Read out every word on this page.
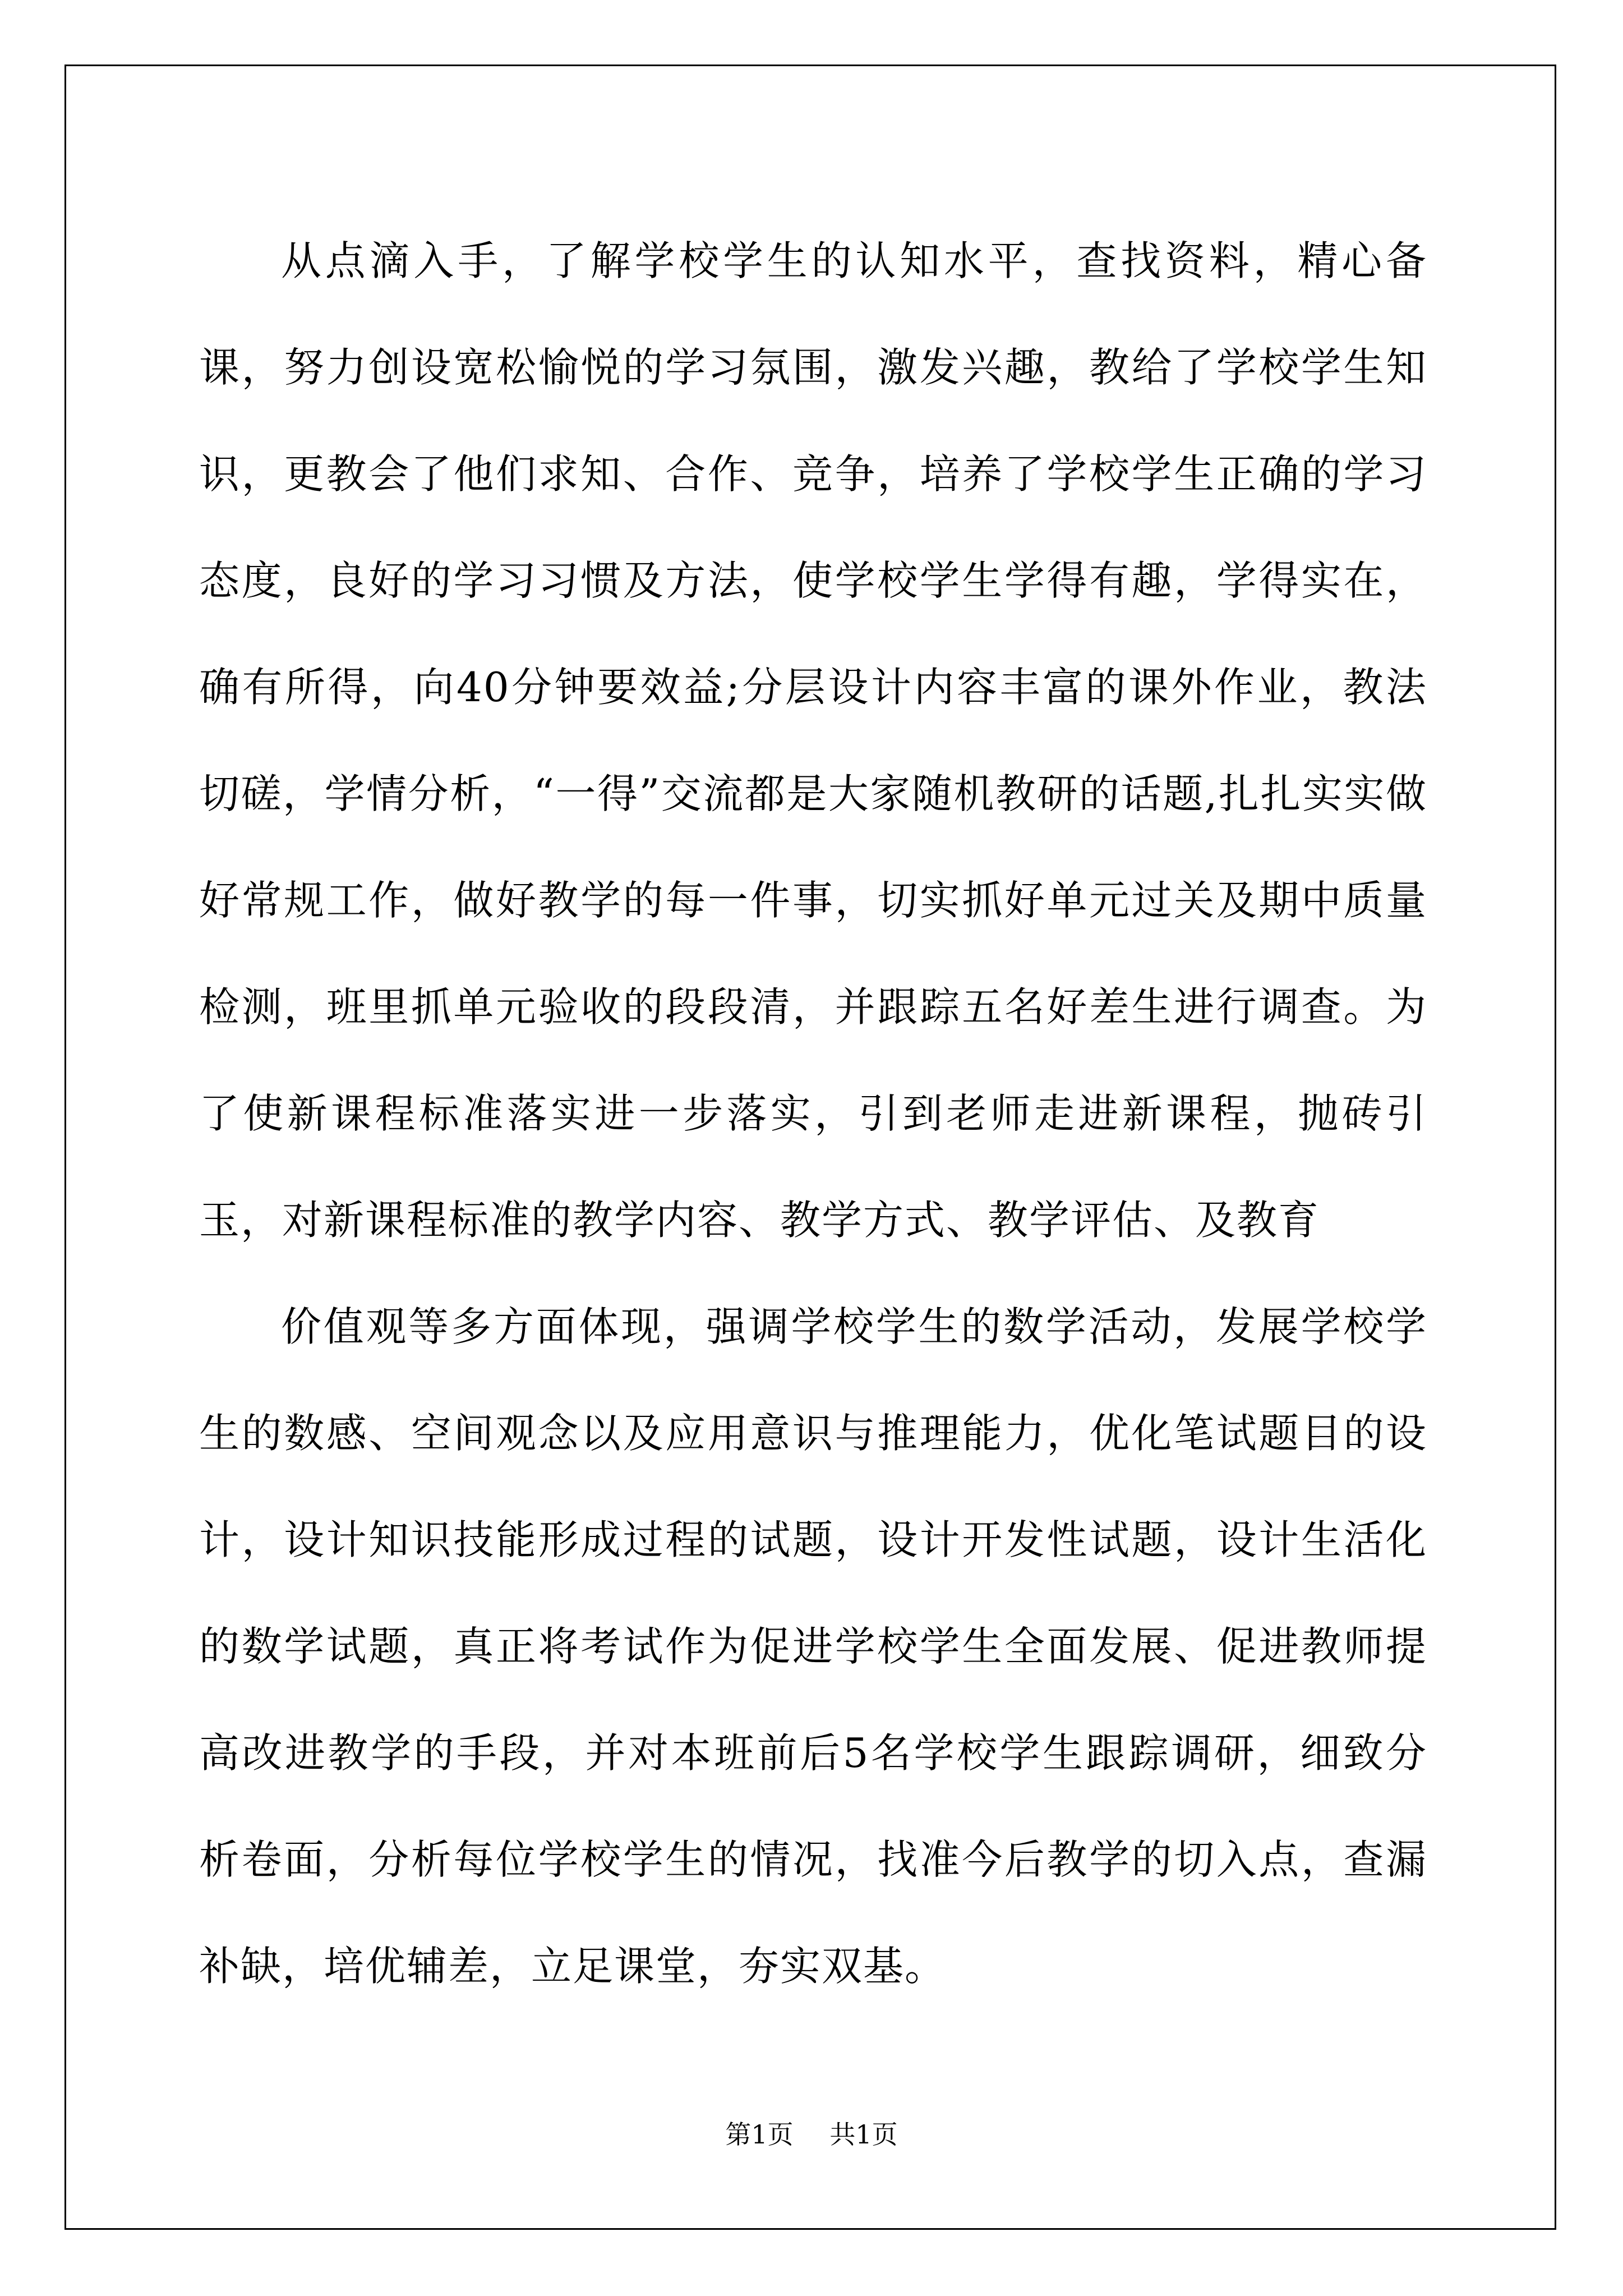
从点滴入手，了解学校学生的认知水平，查找资料，精心备课，努力创设宽松愉悦的学习氛围，激发兴趣，教给了学校学生知识，更教会了他们求知、合作、竞争，培养了学校学生正确的学习态度，良好的学习习惯及方法，使学校学生学得有趣，学得实在，确有所得，向40分钟要效益;分层设计内容丰富的课外作业，教法切磋，学情分析，“一得”交流都是大家随机教研的话题,扎扎实实做好常规工作，做好教学的每一件事，切实抓好单元过关及期中质量检测，班里抓单元验收的段段清，并跟踪五名好差生进行调查。为了使新课程标准落实进一步落实，引到老师走进新课程，抛砖引玉，对新课程标准的教学内容、教学方式、教学评估、及教育

价值观等多方面体现，强调学校学生的数学活动，发展学校学生的数感、空间观念以及应用意识与推理能力，优化笔试题目的设计，设计知识技能形成过程的试题，设计开发性试题，设计生活化的数学试题，真正将考试作为促进学校学生全面发展、促进教师提高改进教学的手段，并对本班前后5名学校学生跟踪调研，细致分析卷面，分析每位学校学生的情况，找准今后教学的切入点，查漏补缺，培优辅差，立足课堂，夯实双基。

第1页 共1页
